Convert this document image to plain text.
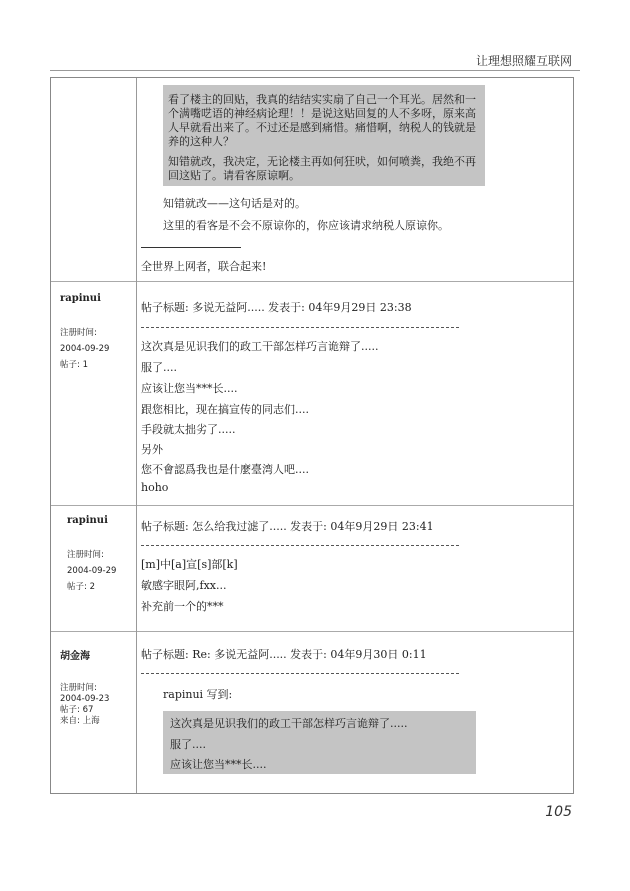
让理想照耀互联网
看了楼主的回贴，我真的结结实实扇了自己一个耳光。居然和一
个满嘴呓语的神经病论理！！是说这贴回复的人不多呀，原来高
人早就看出来了。不过还是感到痛惜。痛惜啊，纳税人的钱就是
养的这种人？
知错就改，我决定，无论楼主再如何狂吠，如何喷粪，我绝不再
回这贴了。请看客原谅啊。
知错就改——这句话是对的。
这里的看客是不会不原谅你的，你应该请求纳税人原谅你。
全世界上网者，联合起来!
rapinui
注册时间:
2004-09-29
帖子: 1
帖子标题: 多说无益阿..... 发表于: 04年9月29日 23:38
这次真是见识我们的政工干部怎样巧言诡辩了.....
服了....
应该让您当***长....
跟您相比，现在搞宣传的同志们....
手段就太拙劣了.....
另外
您不會認爲我也是什麼臺湾人吧....
hoho
rapinui
注册时间:
2004-09-29
帖子: 2
帖子标题: 怎么给我过滤了..... 发表于: 04年9月29日 23:41
[m]中[a]宣[s]部[k]
敏感字眼阿,fxx...
补充前一个的***
胡金海
注册时间:
2004-09-23
帖子: 67
来自: 上海
帖子标题: Re: 多说无益阿..... 发表于: 04年9月30日 0:11
rapinui 写到:
这次真是见识我们的政工干部怎样巧言诡辩了.....
服了....
应该让您当***长....
105
